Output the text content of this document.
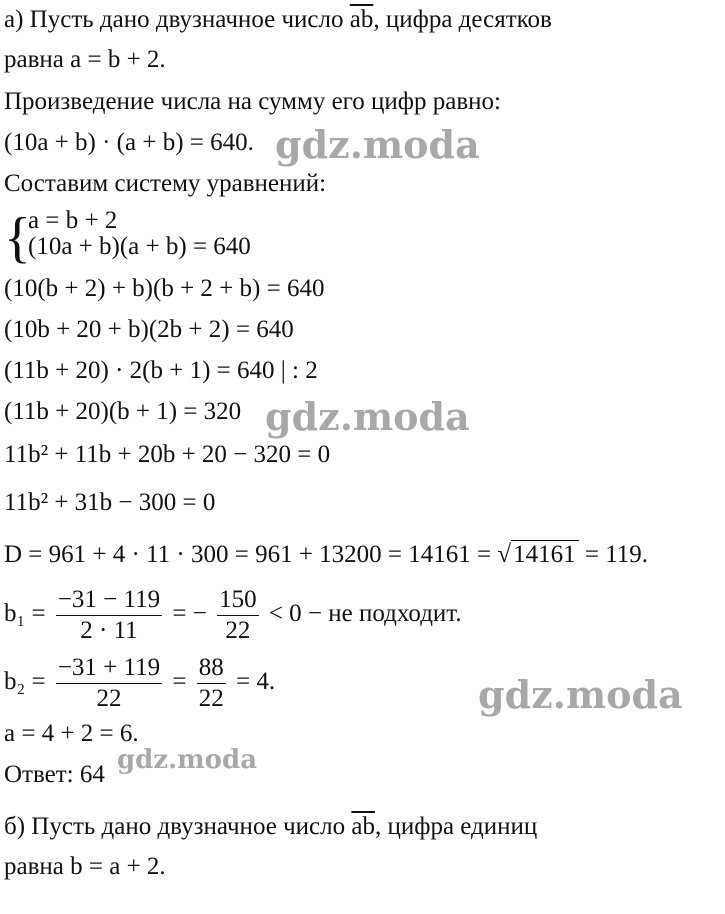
а) Пусть дано двузначное число $\overline{ab}$, цифра десятков
равна a = b + 2.
Произведение числа на сумму его цифр равно:
(10a + b) · (a + b) = 640.
Составим систему уравнений:
{
a = b + 2
(10a + b)(a + b) = 640
(10(b + 2) + b)(b + 2 + b) = 640
(10b + 20 + b)(2b + 2) = 640
(11b + 20) · 2(b + 1) = 640 | : 2
(11b + 20)(b + 1) = 320
11b² + 11b + 20b + 20 − 320 = 0
11b² + 31b − 300 = 0
D = 961 + 4 · 11 · 300 = 961 + 13200 = 14161 = √14161 = 119.
$b_1 = \frac{-31 - 119}{2 \cdot 11}$ = − $\frac{150}{22} < 0$ − не подходит.
$b_2 = \frac{-31 + 119}{22} = \frac{88}{22} = 4$.
a = 4 + 2 = 6.
Ответ: 64
б) Пусть дано двузначное число $\overline{ab}$, цифра единиц
равна b = a + 2.
gdz.moda
gdz.moda
gdz.moda
gdz.moda
